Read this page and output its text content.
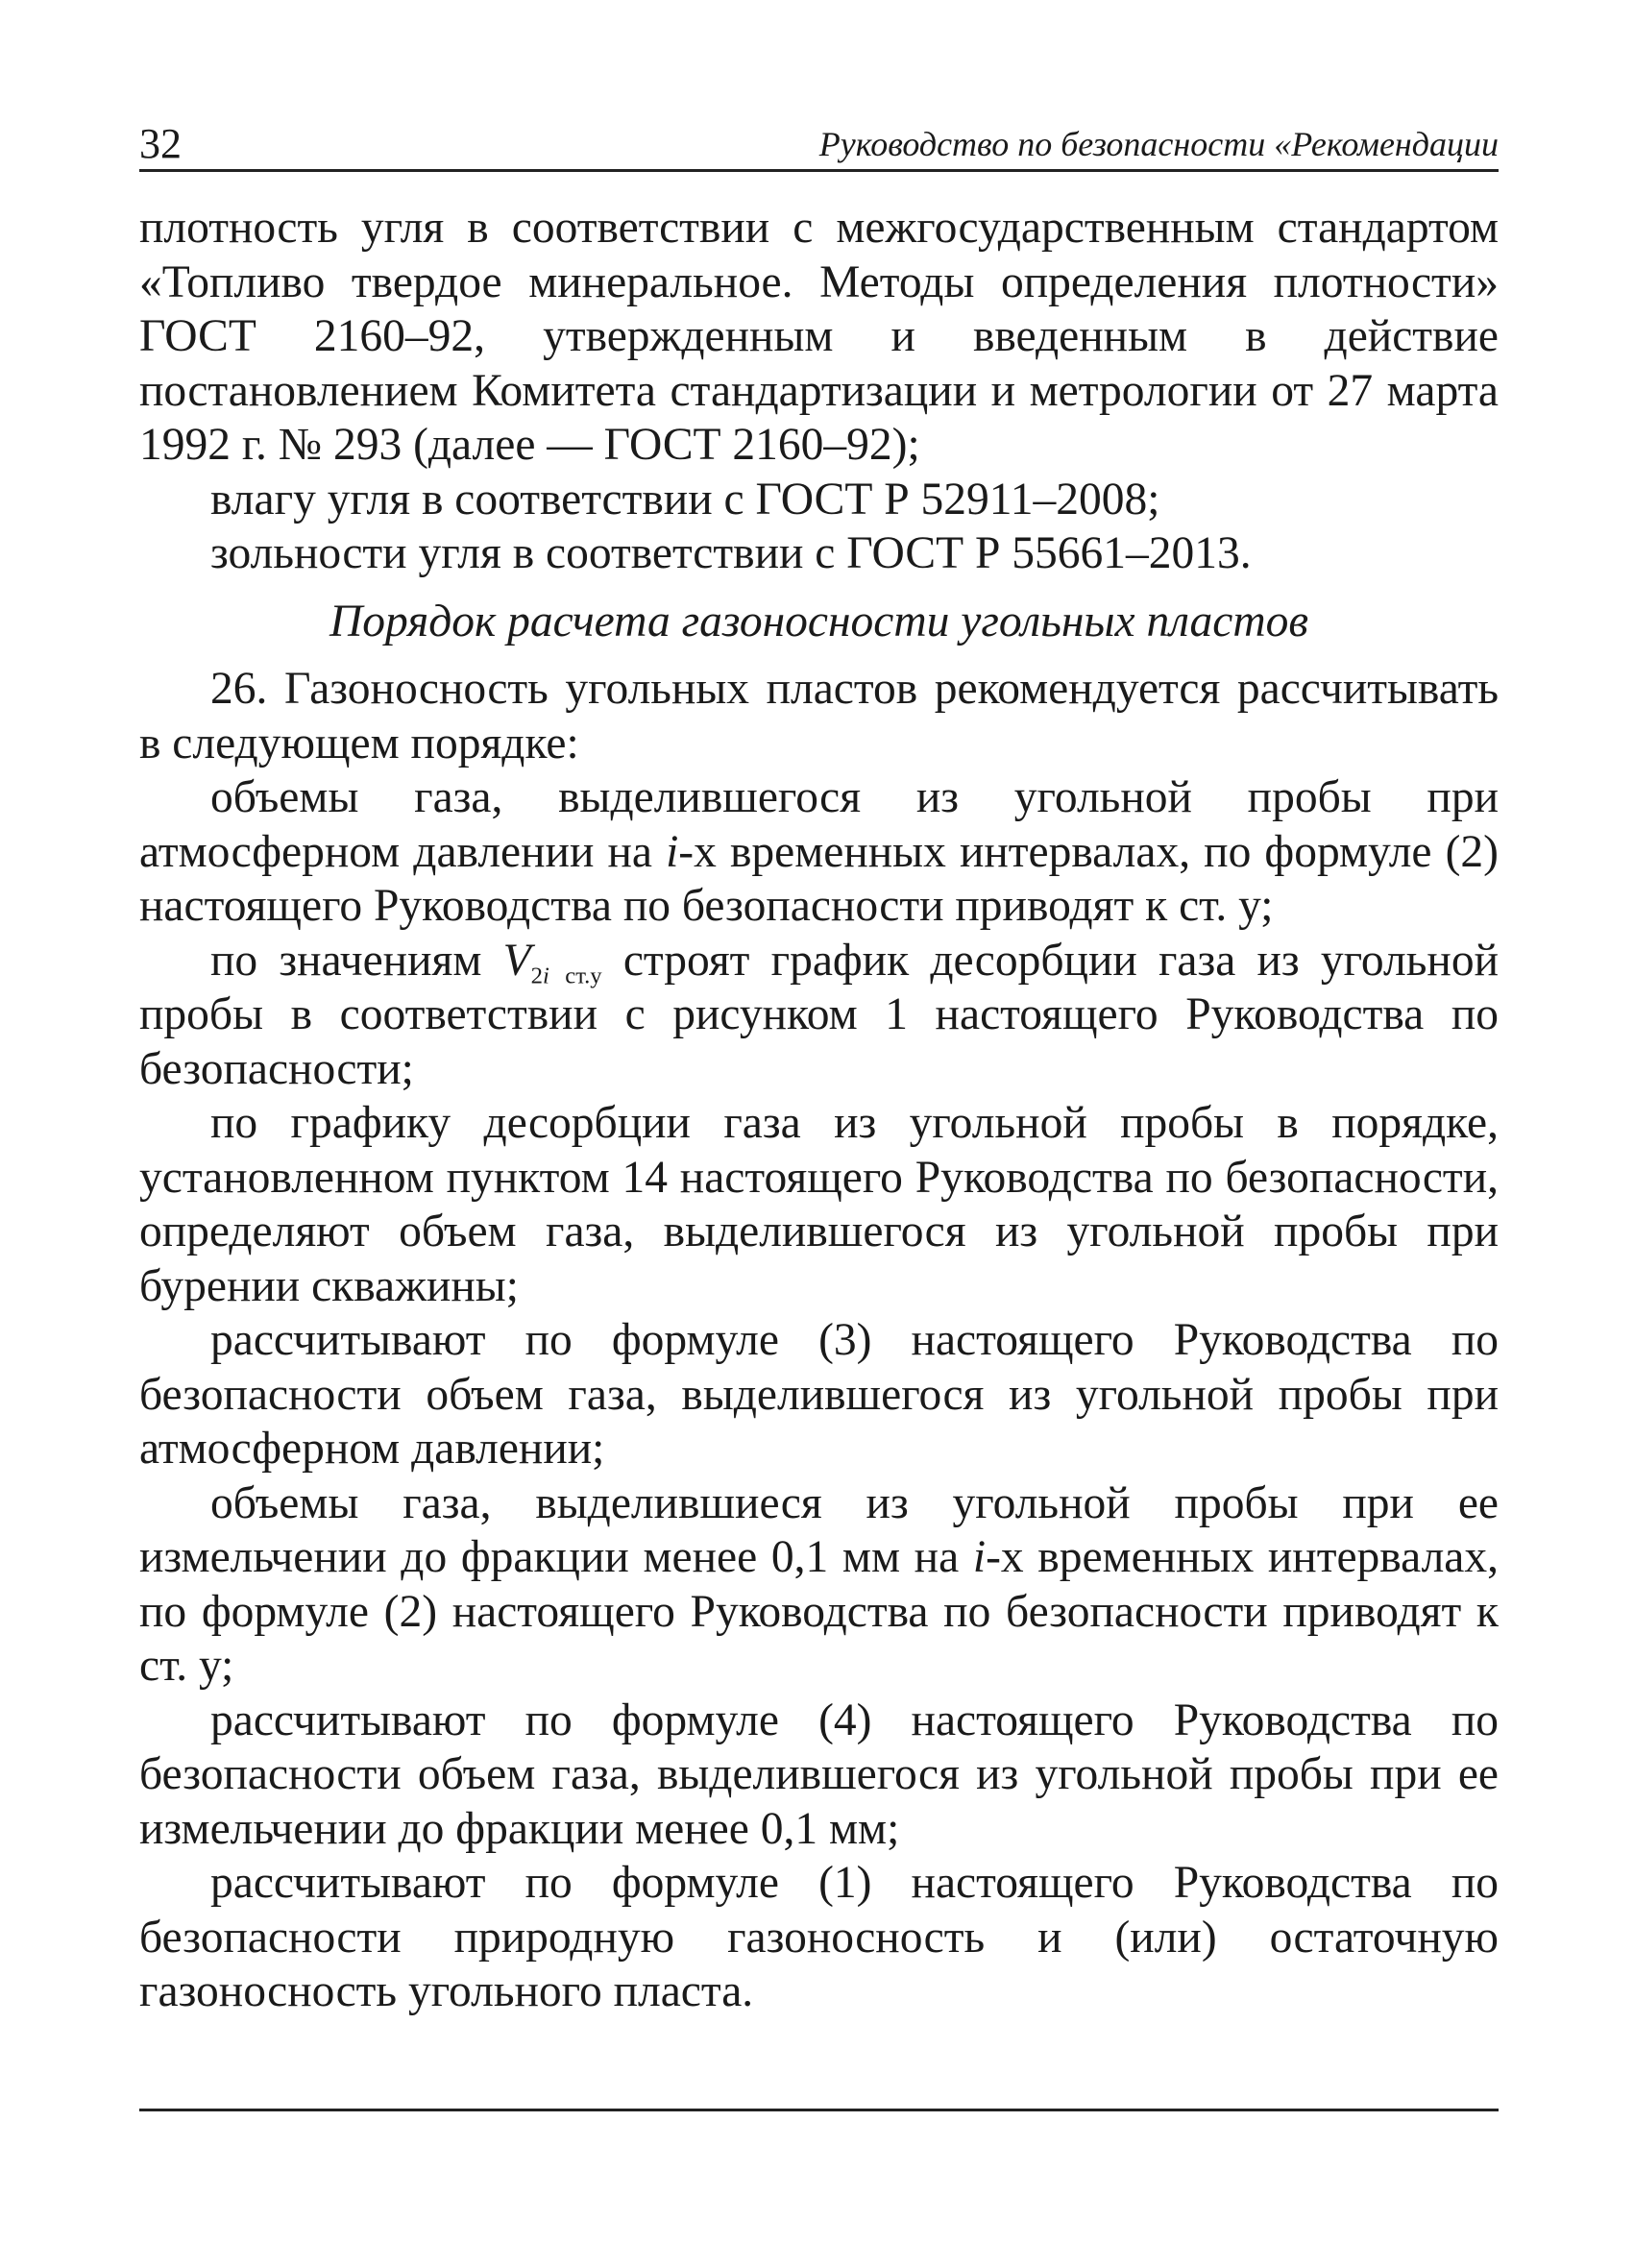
32	Руководство по безопасности «Рекомендации

плотность угля в соответствии с межгосударственным стандартом «Топливо твердое минеральное. Методы определения плотности» ГОСТ 2160–92, утвержденным и введенным в действие постановлением Комитета стандартизации и метрологии от 27 марта 1992 г. № 293 (далее — ГОСТ 2160–92);

влагу угля в соответствии с ГОСТ Р 52911–2008;

зольности угля в соответствии с ГОСТ Р 55661–2013.

Порядок расчета газоносности угольных пластов

26. Газоносность угольных пластов рекомендуется рассчитывать в следующем порядке:

объемы газа, выделившегося из угольной пробы при атмосферном давлении на i-х временных интервалах, по формуле (2) настоящего Руководства по безопасности приводят к ст. у;

по значениям $V_{2i ст.у}$ строят график десорбции газа из угольной пробы в соответствии с рисунком 1 настоящего Руководства по безопасности;

по графику десорбции газа из угольной пробы в порядке, установленном пунктом 14 настоящего Руководства по безопасности, определяют объем газа, выделившегося из угольной пробы при бурении скважины;

рассчитывают по формуле (3) настоящего Руководства по безопасности объем газа, выделившегося из угольной пробы при атмосферном давлении;

объемы газа, выделившиеся из угольной пробы при ее измельчении до фракции менее 0,1 мм на i-х временных интервалах, по формуле (2) настоящего Руководства по безопасности приводят к ст. у;

рассчитывают по формуле (4) настоящего Руководства по безопасности объем газа, выделившегося из угольной пробы при ее измельчении до фракции менее 0,1 мм;

рассчитывают по формуле (1) настоящего Руководства по безопасности природную газоносность и (или) остаточную газоносность угольного пласта.
